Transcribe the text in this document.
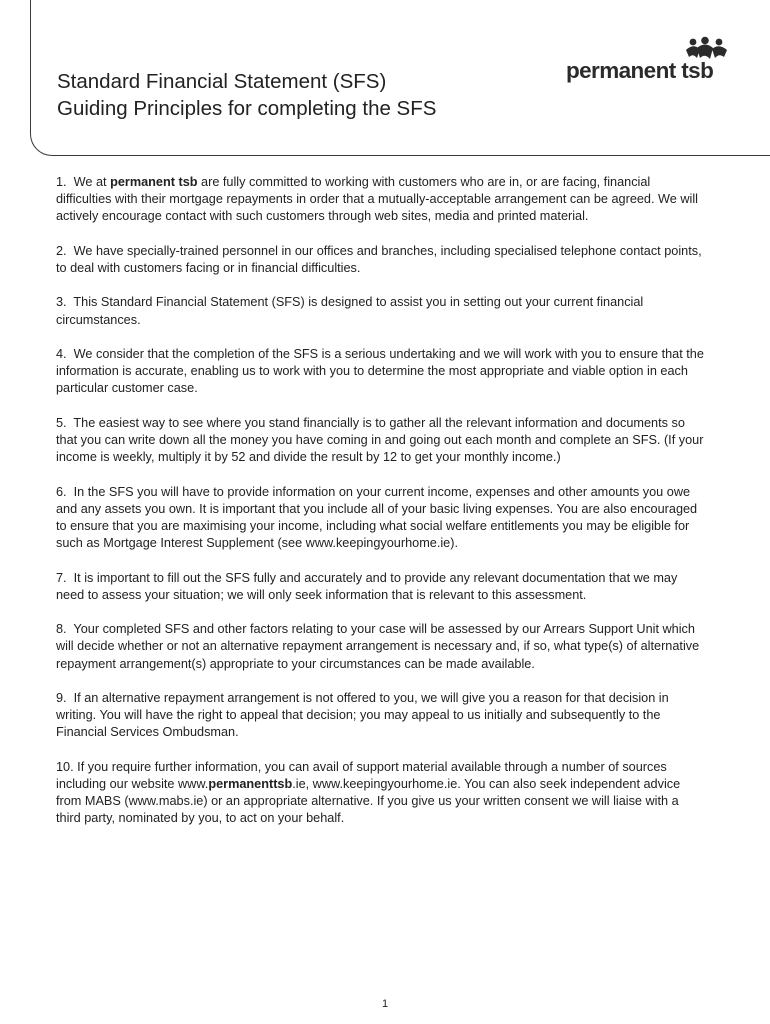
Standard Financial Statement (SFS)
Guiding Principles for completing the SFS
permanent tsb

1. We at permanent tsb are fully committed to working with customers who are in, or are facing, financial difficulties with their mortgage repayments in order that a mutually-acceptable arrangement can be agreed. We will actively encourage contact with such customers through web sites, media and printed material.

2. We have specially-trained personnel in our offices and branches, including specialised telephone contact points, to deal with customers facing or in financial difficulties.

3. This Standard Financial Statement (SFS) is designed to assist you in setting out your current financial circumstances.

4. We consider that the completion of the SFS is a serious undertaking and we will work with you to ensure that the information is accurate, enabling us to work with you to determine the most appropriate and viable option in each particular customer case.

5. The easiest way to see where you stand financially is to gather all the relevant information and documents so that you can write down all the money you have coming in and going out each month and complete an SFS. (If your income is weekly, multiply it by 52 and divide the result by 12 to get your monthly income.)

6. In the SFS you will have to provide information on your current income, expenses and other amounts you owe and any assets you own. It is important that you include all of your basic living expenses. You are also encouraged to ensure that you are maximising your income, including what social welfare entitlements you may be eligible for such as Mortgage Interest Supplement (see www.keepingyourhome.ie).

7. It is important to fill out the SFS fully and accurately and to provide any relevant documentation that we may need to assess your situation; we will only seek information that is relevant to this assessment.

8. Your completed SFS and other factors relating to your case will be assessed by our Arrears Support Unit which will decide whether or not an alternative repayment arrangement is necessary and, if so, what type(s) of alternative repayment arrangement(s) appropriate to your circumstances can be made available.

9. If an alternative repayment arrangement is not offered to you, we will give you a reason for that decision in writing. You will have the right to appeal that decision; you may appeal to us initially and subsequently to the Financial Services Ombudsman.

10. If you require further information, you can avail of support material available through a number of sources including our website www.permanenttsb.ie, www.keepingyourhome.ie. You can also seek independent advice from MABS (www.mabs.ie) or an appropriate alternative. If you give us your written consent we will liaise with a third party, nominated by you, to act on your behalf.

1
